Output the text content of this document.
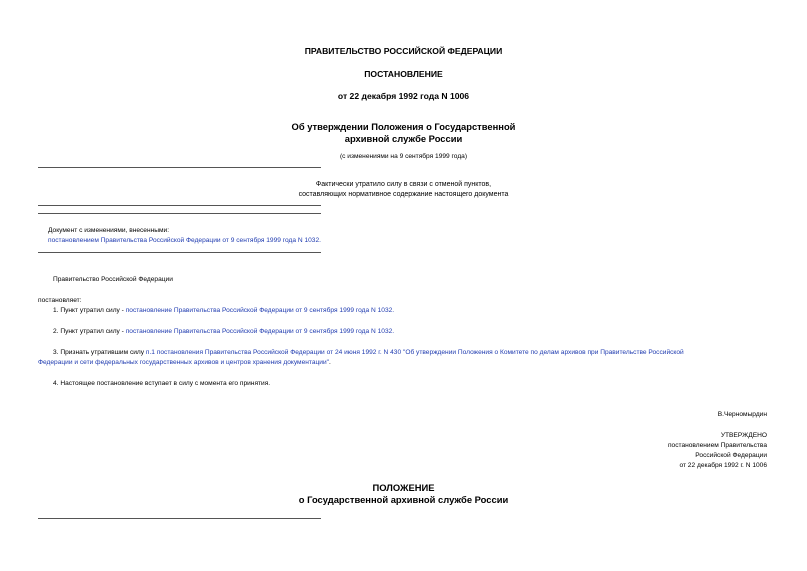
ПРАВИТЕЛЬСТВО РОССИЙСКОЙ ФЕДЕРАЦИИ
ПОСТАНОВЛЕНИЕ
от 22 декабря 1992 года N 1006
Об утверждении Положения о Государственной
архивной службе России
(с изменениями на 9 сентября 1999 года)
Фактически утратило силу в связи с отменой пунктов,
составляющих нормативное содержание настоящего документа
Документ с изменениями, внесенными:
постановлением Правительства Российской Федерации от 9 сентября 1999 года N 1032.
Правительство Российской Федерации
постановляет:
1. Пункт утратил силу - постановление Правительства Российской Федерации от 9 сентября 1999 года N 1032.
2. Пункт утратил силу - постановление Правительства Российской Федерации от 9 сентября 1999 года N 1032.
3. Признать утратившим силу п.1 постановления Правительства Российской Федерации от 24 июня 1992 г. N 430 "Об утверждении Положения о Комитете по делам архивов при Правительстве Российской
Федерации и сети федеральных государственных архивов и центров хранения документации".
4. Настоящее постановление вступает в силу с момента его принятия.
В.Черномырдин
УТВЕРЖДЕНО
постановлением Правительства
Российской Федерации
от 22 декабря 1992 г. N 1006
ПОЛОЖЕНИЕ
о Государственной архивной службе России
